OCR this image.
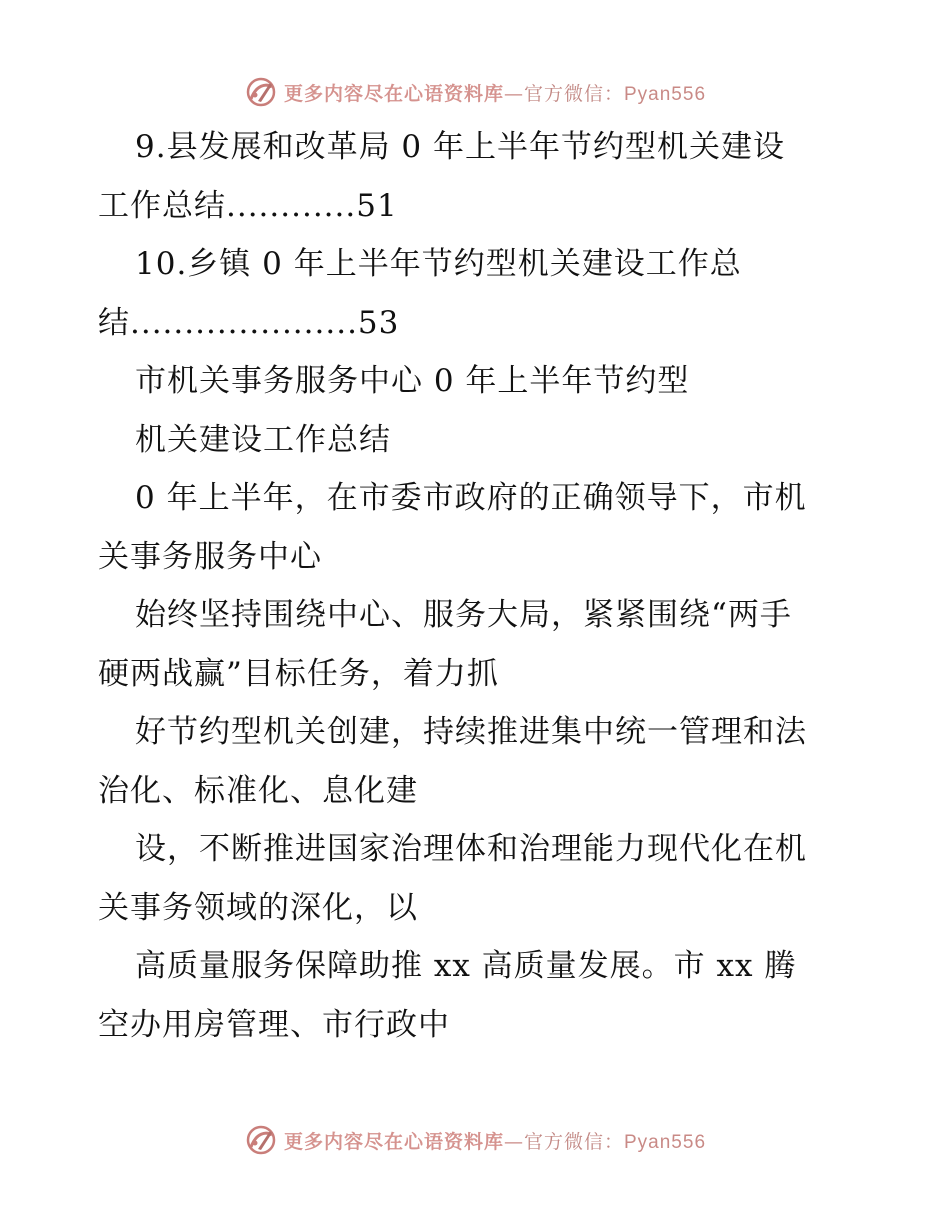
更多内容尽在心语资料库—官方微信：Pyan556
9.县发展和改革局 0 年上半年节约型机关建设
工作总结............51
10.乡镇 0 年上半年节约型机关建设工作总
结.....................53
市机关事务服务中心 0 年上半年节约型
机关建设工作总结
0 年上半年，在市委市政府的正确领导下，市机
关事务服务中心
始终坚持围绕中心、服务大局，紧紧围绕“两手
硬两战赢”目标任务，着力抓
好节约型机关创建，持续推进集中统一管理和法
治化、标准化、息化建
设，不断推进国家治理体和治理能力现代化在机
关事务领域的深化，以
高质量服务保障助推 xx 高质量发展。市 xx 腾
空办用房管理、市行政中
更多内容尽在心语资料库—官方微信：Pyan556
